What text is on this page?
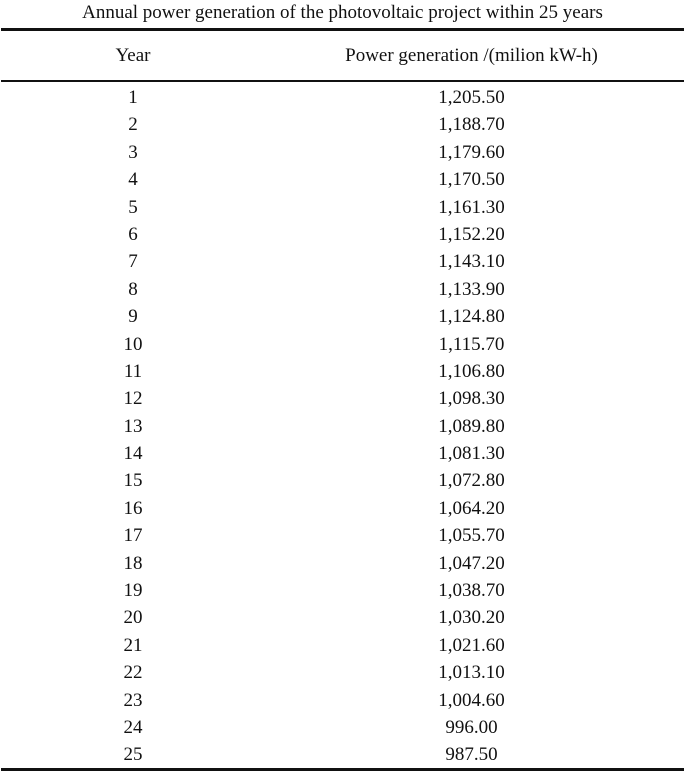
Annual power generation of the photovoltaic project within 25 years
Year	Power generation /(milion kW-h)
1	1,205.50
2	1,188.70
3	1,179.60
4	1,170.50
5	1,161.30
6	1,152.20
7	1,143.10
8	1,133.90
9	1,124.80
10	1,115.70
11	1,106.80
12	1,098.30
13	1,089.80
14	1,081.30
15	1,072.80
16	1,064.20
17	1,055.70
18	1,047.20
19	1,038.70
20	1,030.20
21	1,021.60
22	1,013.10
23	1,004.60
24	996.00
25	987.50
